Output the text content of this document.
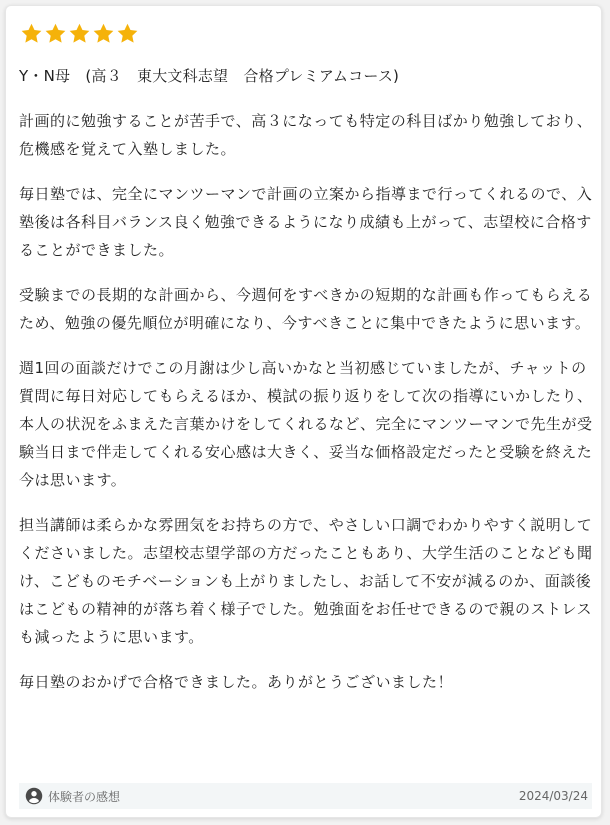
Y・N母　(高３　東大文科志望　合格プレミアムコース)

計画的に勉強することが苦手で、高３になっても特定の科目ばかり勉強しており、危機感を覚えて入塾しました。

毎日塾では、完全にマンツーマンで計画の立案から指導まで行ってくれるので、入塾後は各科目バランス良く勉強できるようになり成績も上がって、志望校に合格することができました。

受験までの長期的な計画から、今週何をすべきかの短期的な計画も作ってもらえるため、勉強の優先順位が明確になり、今すべきことに集中できたように思います。

週1回の面談だけでこの月謝は少し高いかなと当初感じていましたが、チャットの質問に毎日対応してもらえるほか、模試の振り返りをして次の指導にいかしたり、本人の状況をふまえた言葉かけをしてくれるなど、完全にマンツーマンで先生が受験当日まで伴走してくれる安心感は大きく、妥当な価格設定だったと受験を終えた今は思います。

担当講師は柔らかな雰囲気をお持ちの方で、やさしい口調でわかりやすく説明してくださいました。志望校志望学部の方だったこともあり、大学生活のことなども聞け、こどものモチベーションも上がりましたし、お話して不安が減るのか、面談後はこどもの精神的が落ち着く様子でした。勉強面をお任せできるので親のストレスも減ったように思います。

毎日塾のおかげで合格できました。ありがとうございました！

体験者の感想	2024/03/24
